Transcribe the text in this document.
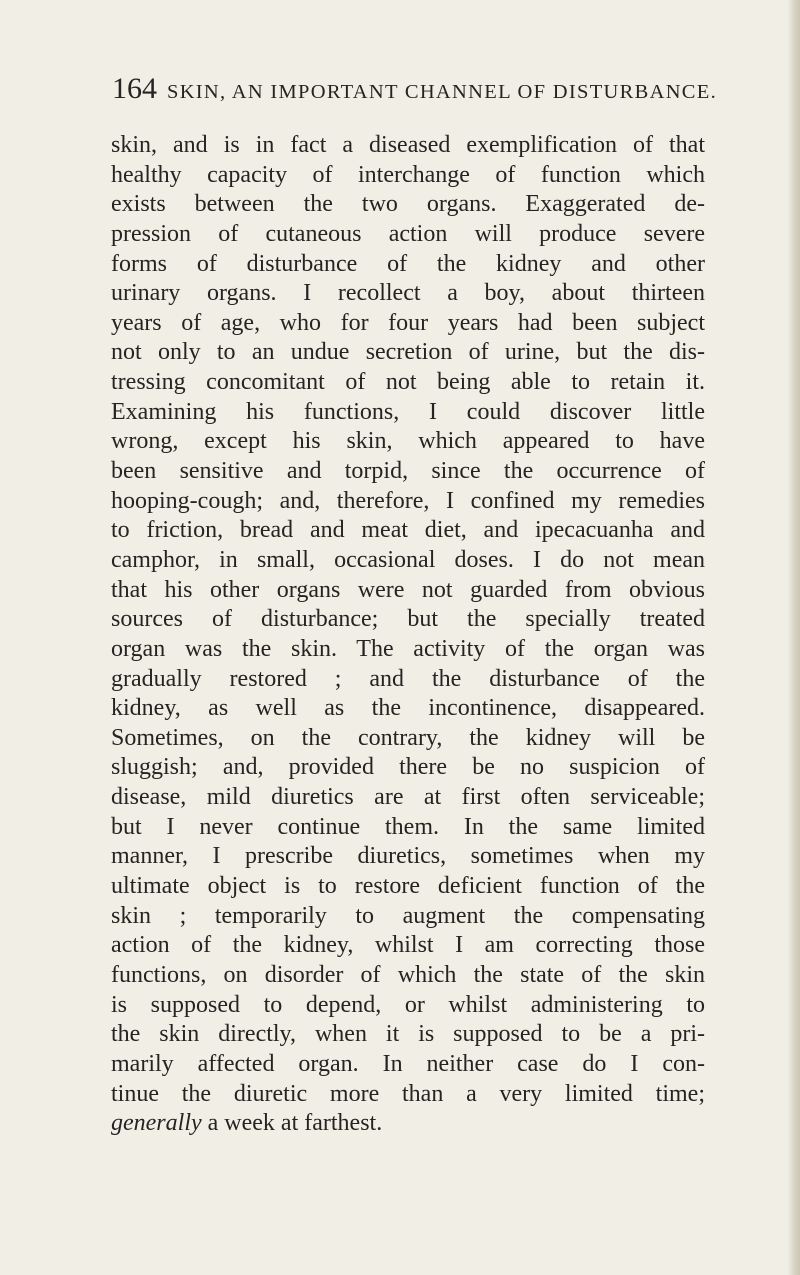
164 SKIN, AN IMPORTANT CHANNEL OF DISTURBANCE.
skin, and is in fact a diseased exemplification of that
healthy capacity of interchange of function which
exists between the two organs. Exaggerated de-
pression of cutaneous action will produce severe
forms of disturbance of the kidney and other
urinary organs. I recollect a boy, about thirteen
years of age, who for four years had been subject
not only to an undue secretion of urine, but the dis-
tressing concomitant of not being able to retain it.
Examining his functions, I could discover little
wrong, except his skin, which appeared to have
been sensitive and torpid, since the occurrence of
hooping-cough; and, therefore, I confined my remedies
to friction, bread and meat diet, and ipecacuanha and
camphor, in small, occasional doses. I do not mean
that his other organs were not guarded from obvious
sources of disturbance; but the specially treated
organ was the skin. The activity of the organ was
gradually restored ; and the disturbance of the
kidney, as well as the incontinence, disappeared.
Sometimes, on the contrary, the kidney will be
sluggish; and, provided there be no suspicion of
disease, mild diuretics are at first often serviceable;
but I never continue them. In the same limited
manner, I prescribe diuretics, sometimes when my
ultimate object is to restore deficient function of the
skin ; temporarily to augment the compensating
action of the kidney, whilst I am correcting those
functions, on disorder of which the state of the skin
is supposed to depend, or whilst administering to
the skin directly, when it is supposed to be a pri-
marily affected organ. In neither case do I con-
tinue the diuretic more than a very limited time;
generally a week at farthest.
